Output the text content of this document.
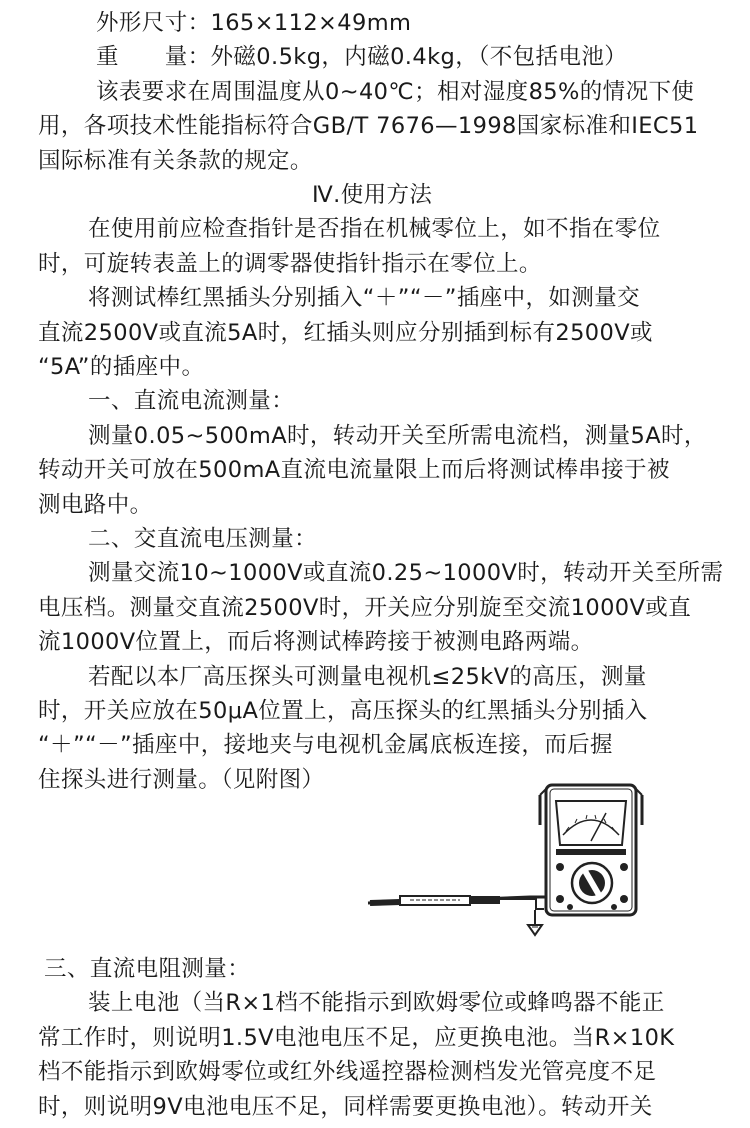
外形尺寸：165×112×49mm
重　　量：外磁0.5kg，内磁0.4kg，（不包括电池）
该表要求在周围温度从0~40℃；相对湿度85%的情况下使
用，各项技术性能指标符合GB/T 7676—1998国家标准和IEC51
国际标准有关条款的规定。
Ⅳ.使用方法
在使用前应检查指针是否指在机械零位上，如不指在零位
时，可旋转表盖上的调零器使指针指示在零位上。
将测试棒红黑插头分别插入“＋”“－”插座中，如测量交
直流2500V或直流5A时，红插头则应分别插到标有2500V或
“5A”的插座中。
一、直流电流测量：
测量0.05~500mA时，转动开关至所需电流档，测量5A时，
转动开关可放在500mA直流电流量限上而后将测试棒串接于被
测电路中。
二、交直流电压测量：
测量交流10~1000V或直流0.25~1000V时，转动开关至所需
电压档。测量交直流2500V时，开关应分别旋至交流1000V或直
流1000V位置上，而后将测试棒跨接于被测电路两端。
若配以本厂高压探头可测量电视机≤25kV的高压，测量
时，开关应放在50μA位置上，高压探头的红黑插头分别插入
“＋”“－”插座中，接地夹与电视机金属底板连接，而后握
住探头进行测量。（见附图）
三、直流电阻测量：
装上电池（当R×1档不能指示到欧姆零位或蜂鸣器不能正
常工作时，则说明1.5V电池电压不足，应更换电池。当R×10K
档不能指示到欧姆零位或红外线遥控器检测档发光管亮度不足
时，则说明9V电池电压不足，同样需要更换电池）。转动开关
